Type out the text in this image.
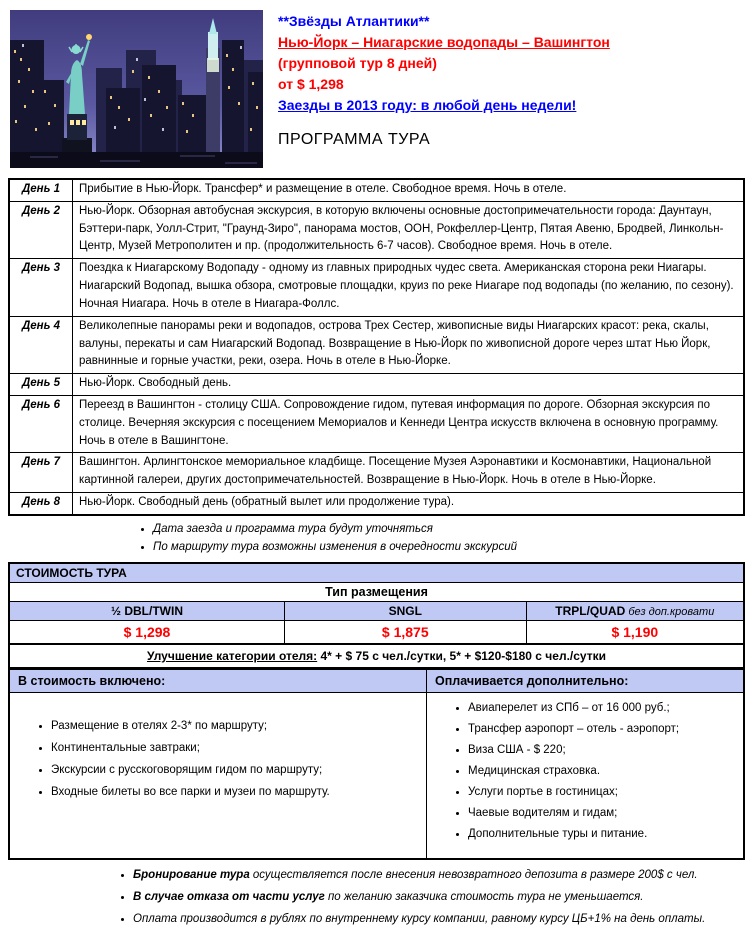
**Звёзды Атлантики**
Нью-Йорк – Ниагарские водопады – Вашингтон
(групповой тур 8 дней)
от $ 1,298
Заезды в 2013 году: в любой день недели!
ПРОГРАММА ТУРА
День 1	Прибытие в Нью-Йорк. Трансфер* и размещение в отеле. Свободное время. Ночь в отеле.
День 2	Нью-Йорк. Обзорная автобусная экскурсия, в которую включены основные достопримечательности города: Даунтаун, Бэттери-парк, Уолл-Стрит, "Граунд-Зиро", панорама мостов, ООН, Рокфеллер-Центр, Пятая Авеню, Бродвей, Линкольн-Центр, Музей Метрополитен и пр. (продолжительность 6-7 часов). Свободное время. Ночь в отеле.
День 3	Поездка к Ниагарскому Водопаду - одному из главных природных чудес света. Американская сторона реки Ниагары. Ниагарский Водопад, вышка обзора, смотровые площадки, круиз по реке Ниагаре под водопады (по желанию, по сезону). Ночная Ниагара. Ночь в отеле в Ниагара-Фоллс.
День 4	Великолепные панорамы реки и водопадов, острова Трех Сестер, живописные виды Ниагарских красот: река, скалы, валуны, перекаты и сам Ниагарский Водопад. Возвращение в Нью-Йорк по живописной дороге через штат Нью Йорк, равнинные и горные участки, реки, озера. Ночь в отеле в Нью-Йорке.
День 5	Нью-Йорк. Свободный день.
День 6	Переезд в Вашингтон - столицу США. Сопровождение гидом, путевая информация по дороге. Обзорная экскурсия по столице. Вечерняя экскурсия с посещением Мемориалов и Кеннеди Центра искусств включена в основную программу. Ночь в отеле в Вашингтоне.
День 7	Вашингтон. Арлингтонское мемориальное кладбище. Посещение Музея Аэронавтики и Космонавтики, Национальной картинной галереи, других достопримечательностей. Возвращение в Нью-Йорк. Ночь в отеле в Нью-Йорке.
День 8	Нью-Йорк. Свободный день (обратный вылет или продолжение тура).
• Дата заезда и программа тура будут уточняться
• По маршруту тура возможны изменения в очередности экскурсий
СТОИМОСТЬ ТУРА		
Тип размещения		
½ DBL/TWIN	SNGL	TRPL/QUAD без доп.кровати
$ 1,298	$ 1,875	$ 1,190
Улучшение категории отеля: 4* + $ 75 с чел./сутки, 5* + $120-$180 с чел./сутки
В стоимость включено:	Оплачивается дополнительно:

• Размещение в отелях 2-3* по маршруту;
• Континентальные завтраки;
• Экскурсии с русскоговорящим гидом по маршруту;
• Входные билеты во все парки и музеи по маршруту.

• Авиаперелет из СПб – от 16 000 руб.;
• Трансфер аэропорт – отель - аэропорт;
• Виза США - $ 220;
• Медицинская страховка.
• Услуги портье в гостиницах;
• Чаевые водителям и гидам;
• Дополнительные туры и питание.
• Бронирование тура осуществляется после внесения невозвратного депозита в размере 200$ с чел.
• В случае отказа от части услуг по желанию заказчика стоимость тура не уменьшается.
• Оплата производится в рублях по внутреннему курсу компании, равному курсу ЦБ+1% на день оплаты.
